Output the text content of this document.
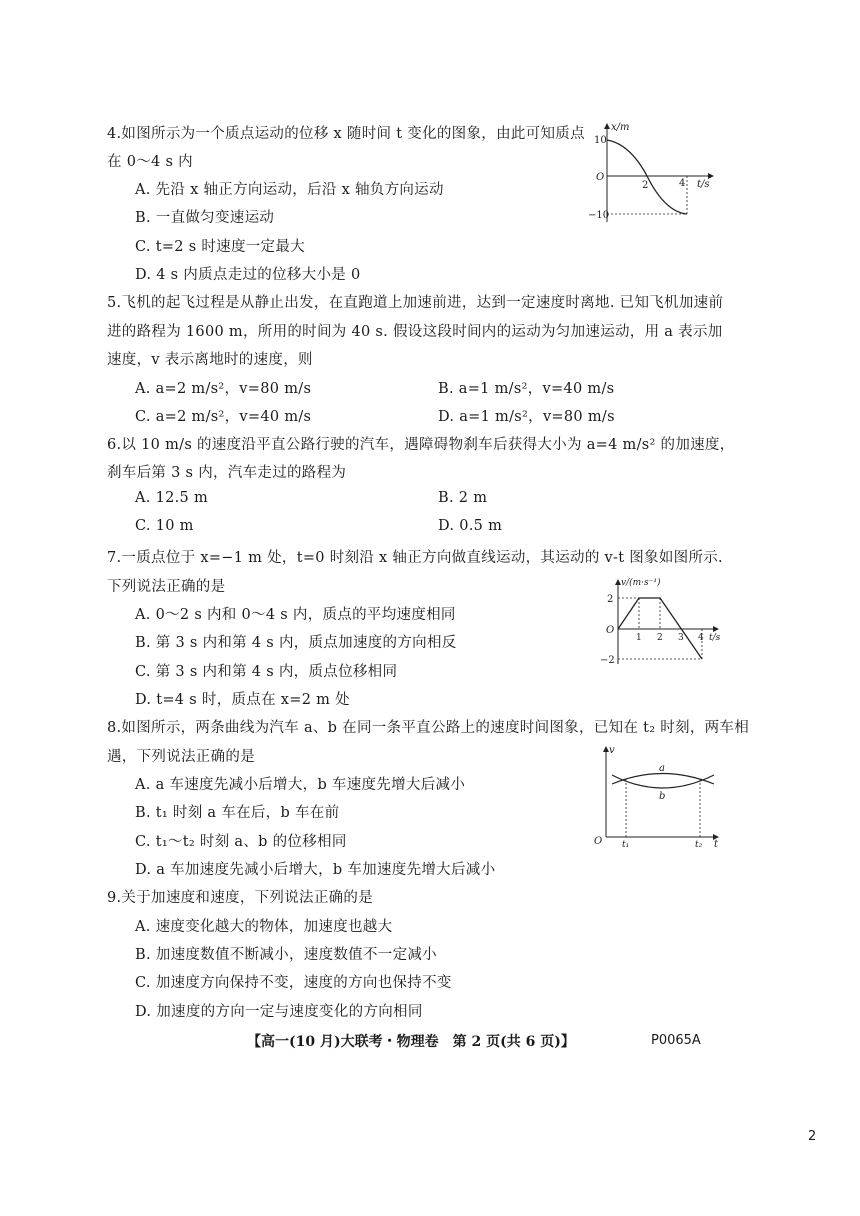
4.如图所示为一个质点运动的位移 x 随时间 t 变化的图象，由此可知质点
在 0～4 s 内
A. 先沿 x 轴正方向运动，后沿 x 轴负方向运动
B. 一直做匀变速运动
C. t=2 s 时速度一定最大
D. 4 s 内质点走过的位移大小是 0
x/m
t/s
O
10
−10
2	4
5.飞机的起飞过程是从静止出发，在直跑道上加速前进，达到一定速度时离地. 已知飞机加速前
进的路程为 1600 m，所用的时间为 40 s. 假设这段时间内的运动为匀加速运动，用 a 表示加
速度，v 表示离地时的速度，则
A. a=2 m/s²，v=80 m/s	B. a=1 m/s²，v=40 m/s
C. a=2 m/s²，v=40 m/s	D. a=1 m/s²，v=80 m/s
6.以 10 m/s 的速度沿平直公路行驶的汽车，遇障碍物刹车后获得大小为 a=4 m/s² 的加速度，
刹车后第 3 s 内，汽车走过的路程为
A. 12.5 m	B. 2 m
C. 10 m	D. 0.5 m
7.一质点位于 x=−1 m 处，t=0 时刻沿 x 轴正方向做直线运动，其运动的 v-t 图象如图所示.
下列说法正确的是
A. 0～2 s 内和 0～4 s 内，质点的平均速度相同
B. 第 3 s 内和第 4 s 内，质点加速度的方向相反
C. 第 3 s 内和第 4 s 内，质点位移相同
D. t=4 s 时，质点在 x=2 m 处
v/(m·s⁻¹)
t/s
O
2
−2
1 2 3 4
8.如图所示，两条曲线为汽车 a、b 在同一条平直公路上的速度时间图象，已知在 t₂ 时刻，两车相
遇，下列说法正确的是
A. a 车速度先减小后增大，b 车速度先增大后减小
B. t₁ 时刻 a 车在后，b 车在前
C. t₁～t₂ 时刻 a、b 的位移相同
D. a 车加速度先减小后增大，b 车加速度先增大后减小
v
t
O
a
b
t₁	t₂
9.关于加速度和速度，下列说法正确的是
A. 速度变化越大的物体，加速度也越大
B. 加速度数值不断减小，速度数值不一定减小
C. 加速度方向保持不变，速度的方向也保持不变
D. 加速度的方向一定与速度变化的方向相同
【高一(10 月)大联考・物理卷　第 2 页(共 6 页)】	P0065A
2
